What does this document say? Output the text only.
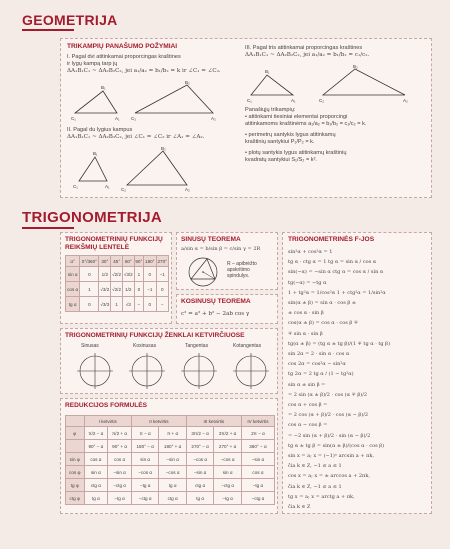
GEOMETRIJA
TRIKAMPIŲ PANAŠUMO POŽYMIAI
I. Pagal dvi atitinkamai proporcingas kraštines
ir lygų kampą tarp jų
ΔA₁B₁C₁ ~ ΔA₂B₂C₂, jei a₁/a₂ = b₁/b₂ = k ir ∠C₁ = ∠C₂.
B₁
C₁	A₁
B₂
C₂	A₂
II. Pagal du lygius kampus
ΔA₁B₁C₁ ~ ΔA₂B₂C₂, jei ∠C₁ = ∠C₂ ir ∠A₁ = ∠A₂.
B₁
C₁	A₁
B₂
C₂	A₂
III. Pagal tris atitinkamai proporcingas kraštines
ΔA₁B₁C₁ ~ ΔA₂B₂C₂, jei a₁/a₂ = b₁/b₂ = c₁/c₂.
B₁
C₁	A₁
B₂
C₂	A₂
Panašiųjų trikampių:
• atitinkami tiesiniai elementai proporcingi
atitinkamoms kraštinėms a₁/a₂ = b₁/b₂ = c₁/c₂ = k.
• perimetrų santykis lygus atitinkamų
kraštinių santykiui P₁/P₂ = k.
• plotų santykis lygus atitinkamų kraštinių
kvadratų santykiui S₁/S₂ = k².
TRIGONOMETRIJA
TRIGONOMETRINIŲ FUNKCIJŲ
REIKŠMIŲ LENTELĖ
α°	0°/360°	30°	45°	60°	90°	180°	270°
sin α	0	1/2	√2/2	√3/2	1	0	−1
cos α	1	√3/2	√2/2	1/2	0	−1	0
tg α	0	√3/3	1	√3	−	0	−
SINUSŲ TEOREMA
a/sin α = b/sin β = c/sin γ = 2R
R – apibrėžto
apskritimo
spindulys.
KOSINUSŲ TEOREMA
c² = a² + b² − 2ab cos γ
TRIGONOMETRINĖS F-JOS
sin²α + cos²α = 1
tg α · ctg α = 1 tg α = sin α / cos α
sin(−α) = −sin α ctg α = cos α / sin α
tg(−α) = −tg α
1 + tg²α = 1/cos²α 1 + ctg²α = 1/sin²α
sin(α ± β) = sin α · cos β ±
± cos α · sin β
cos(α ± β) = cos α · cos β ∓
∓ sin α · sin β
tg(α ± β) = (tg α ± tg β)/(1 ∓ tg α · tg β)
sin 2α = 2 · sin α · cos α
cos 2α = cos²α − sin²α
tg 2α = 2 tg α / (1 − tg²α)
sin α ± sin β =
= 2 sin (α ± β)/2 · cos (α ∓ β)/2
cos α + cos β =
= 2 cos (α + β)/2 · cos (α − β)/2
cos α − cos β =
= −2 sin (α + β)/2 · sin (α − β)/2
tg α ± tg β = sin(α ± β)/(cos α · cos β)
sin x = a; x = (−1)ⁿ arcsin a + πk,
čia k ∈ Z, −1 ≤ a ≤ 1
cos x = a; x = ± arccos a + 2πk,
čia k ∈ Z, −1 ≤ a ≤ 1
tg x = a; x = arctg a + πk,
čia k ∈ Z
TRIGONOMETRINIŲ FUNKCIJŲ ŽENKLAI KETVIRČIUOSE
Sinusas	Kosinusas	Tangentas	Kotangentas
REDUKCIJOS FORMULĖS
	I ketvirtis		II ketvirtis		III ketvirtis		IV ketvirtis
φ	π/2 − α	π/2 + α	π − α	π + α	3π/2 − α	3π/2 + α	2π − α
	90° − α	90° + α	180° − α	180° + α	270° − α	270° + α	360° − α
sin φ	cos α	cos α	sin α	−sin α	−cos α	−cos α	−sin α
cos φ	sin α	−sin α	−cos α	−cos α	−sin α	sin α	cos α
tg φ	ctg α	−ctg α	−tg α	tg α	ctg α	−ctg α	−tg α
ctg φ	tg α	−tg α	−ctg α	ctg α	tg α	−tg α	−ctg α
